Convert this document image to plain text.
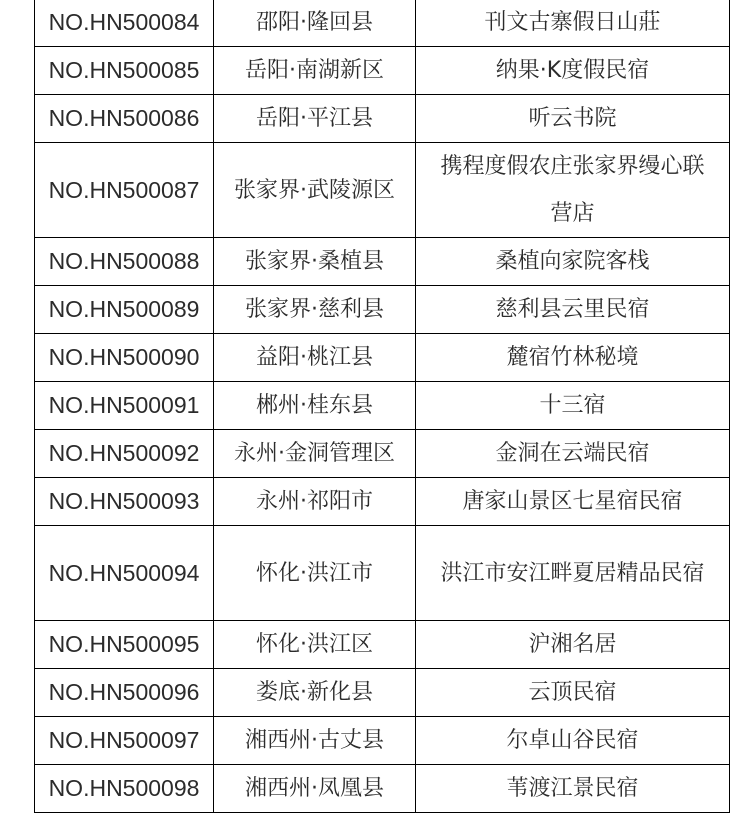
NO.HN500084	邵阳·隆回县	刊文古寨假日山莊
NO.HN500085	岳阳·南湖新区	纳果·K度假民宿
NO.HN500086	岳阳·平江县	听云书院
NO.HN500087	张家界·武陵源区	携程度假农庄张家界缦心联营店
NO.HN500088	张家界·桑植县	桑植向家院客栈
NO.HN500089	张家界·慈利县	慈利县云里民宿
NO.HN500090	益阳·桃江县	麓宿竹林秘境
NO.HN500091	郴州·桂东县	十三宿
NO.HN500092	永州·金洞管理区	金洞在云端民宿
NO.HN500093	永州·祁阳市	唐家山景区七星宿民宿
NO.HN500094	怀化·洪江市	洪江市安江畔夏居精品民宿
NO.HN500095	怀化·洪江区	沪湘名居
NO.HN500096	娄底·新化县	云顶民宿
NO.HN500097	湘西州·古丈县	尔卓山谷民宿
NO.HN500098	湘西州·凤凰县	苇渡江景民宿
